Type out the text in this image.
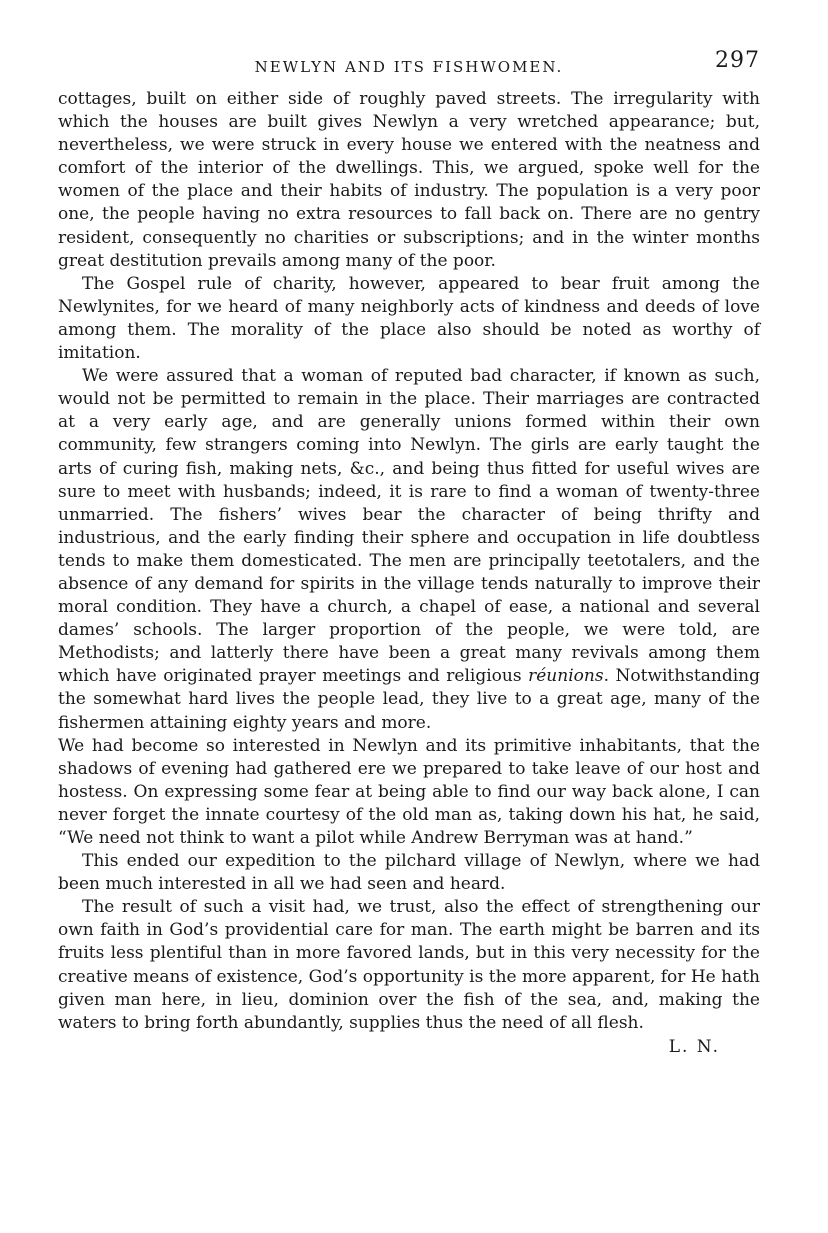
NEWLYN AND ITS FISHWOMEN.	297

cottages, built on either side of roughly paved streets. The irregularity with which the houses are built gives Newlyn a very wretched appearance; but, nevertheless, we were struck in every house we entered with the neatness and comfort of the interior of the dwellings. This, we argued, spoke well for the women of the place and their habits of industry. The population is a very poor one, the people having no extra resources to fall back on. There are no gentry resident, consequently no charities or subscriptions; and in the winter months great destitution prevails among many of the poor.

The Gospel rule of charity, however, appeared to bear fruit among the Newlynites, for we heard of many neighborly acts of kindness and deeds of love among them. The morality of the place also should be noted as worthy of imitation.

We were assured that a woman of reputed bad character, if known as such, would not be permitted to remain in the place. Their marriages are contracted at a very early age, and are generally unions formed within their own community, few strangers coming into Newlyn. The girls are early taught the arts of curing fish, making nets, &c., and being thus fitted for useful wives are sure to meet with husbands; indeed, it is rare to find a woman of twenty-three unmarried. The fishers’ wives bear the character of being thrifty and industrious, and the early finding their sphere and occupation in life doubtless tends to make them domesticated. The men are principally teetotalers, and the absence of any demand for spirits in the village tends naturally to improve their moral condition. They have a church, a chapel of ease, a national and several dames’ schools. The larger proportion of the people, we were told, are Methodists; and latterly there have been a great many revivals among them which have originated prayer meetings and religious réunions. Notwithstanding the somewhat hard lives the people lead, they live to a great age, many of the fishermen attaining eighty years and more.

We had become so interested in Newlyn and its primitive inhabitants, that the shadows of evening had gathered ere we prepared to take leave of our host and hostess. On expressing some fear at being able to find our way back alone, I can never forget the innate courtesy of the old man as, taking down his hat, he said, “We need not think to want a pilot while Andrew Berryman was at hand.”

This ended our expedition to the pilchard village of Newlyn, where we had been much interested in all we had seen and heard.

The result of such a visit had, we trust, also the effect of strengthening our own faith in God’s providential care for man. The earth might be barren and its fruits less plentiful than in more favored lands, but in this very necessity for the creative means of existence, God’s opportunity is the more apparent, for He hath given man here, in lieu, dominion over the fish of the sea, and, making the waters to bring forth abundantly, supplies thus the need of all flesh.

L. N.
